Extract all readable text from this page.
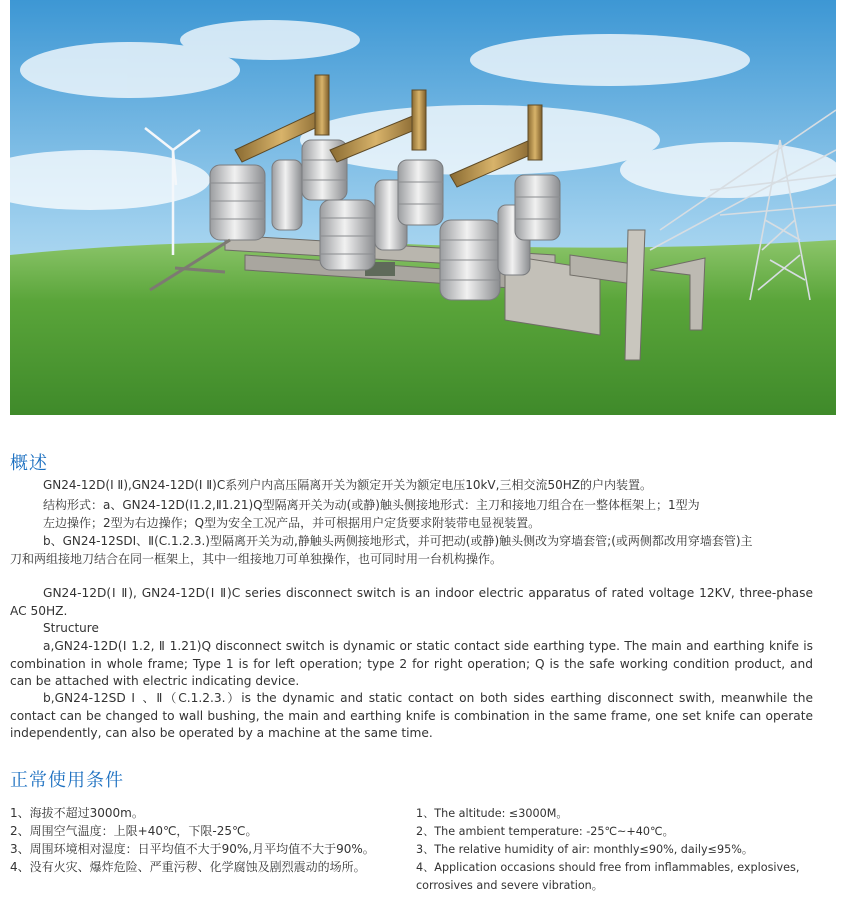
概述
GN24-12D(Ⅰ Ⅱ),GN24-12D(Ⅰ Ⅱ)C系列户内高压隔离开关为额定开关为额定电压10kV,三相交流50HZ的户内装置。
结构形式：a、GN24-12D(Ⅰ1.2,Ⅱ1.21)Q型隔离开关为动(或静)触头侧接地形式：主刀和接地刀组合在一整体框架上；1型为
左边操作；2型为右边操作；Q型为安全工况产品，并可根据用户定货要求附装带电显视装置。
b、GN24-12SDⅠ、Ⅱ(C.1.2.3.)型隔离开关为动,静触头两侧接地形式，并可把动(或静)触头侧改为穿墙套管;(或两侧都改用穿墙套管)主
刀和两组接地刀结合在同一框架上，其中一组接地刀可单独操作，也可同时用一台机构操作。
GN24-12D(Ⅰ Ⅱ), GN24-12D(Ⅰ Ⅱ)C series disconnect switch is an indoor electric apparatus of rated voltage 12KV, three-phase AC 50HZ.
Structure
a,GN24-12D(Ⅰ 1.2, Ⅱ 1.21)Q disconnect switch is dynamic or static contact side earthing type. The main and earthing knife is combination in whole frame; Type 1 is for left operation; type 2 for right operation; Q is the safe working condition product, and can be attached with electric indicating device.
b,GN24-12SD Ⅰ 、Ⅱ（C.1.2.3.）is the dynamic and static contact on both sides earthing disconnect swith, meanwhile the contact can be changed to wall bushing, the main and earthing knife is combination in the same frame, one set knife can operate independently, can also be operated by a machine at the same time.
正常使用条件
1、海拔不超过3000m。
2、周围空气温度：上限+40℃，下限-25℃。
3、周围环境相对湿度：日平均值不大于90%,月平均值不大于90%。
4、没有火灾、爆炸危险、严重污秽、化学腐蚀及剧烈震动的场所。
1、The altitude: ≤3000M。
2、The ambient temperature: -25℃~+40℃。
3、The relative humidity of air: monthly≤90%, daily≤95%。
4、Application occasions should free from inflammables, explosives,
corrosives and severe vibration。
